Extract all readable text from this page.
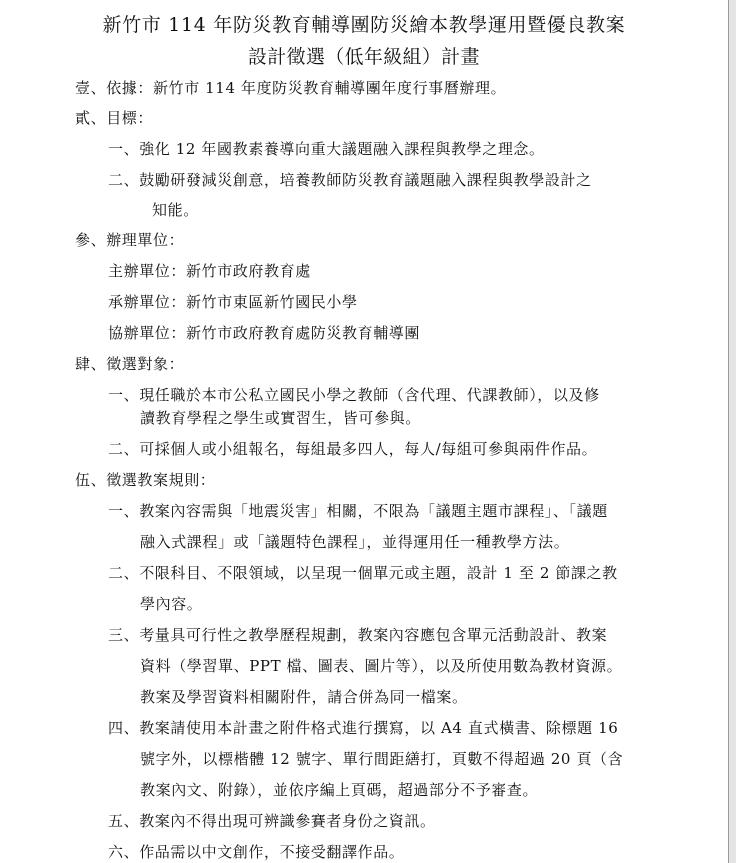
新竹市 114 年防災教育輔導團防災繪本教學運用暨優良教案
設計徵選（低年級組）計畫
壹、依據：新竹市 114 年度防災教育輔導團年度行事曆辦理。
貳、目標：
一、強化 12 年國教素養導向重大議題融入課程與教學之理念。
二、鼓勵研發減災創意，培養教師防災教育議題融入課程與教學設計之
知能。
參、辦理單位：
主辦單位：新竹市政府教育處
承辦單位：新竹市東區新竹國民小學
協辦單位：新竹市政府教育處防災教育輔導團
肆、徵選對象：
一、現任職於本市公私立國民小學之教師（含代理、代課教師），以及修
讀教育學程之學生或實習生，皆可參與。
二、可採個人或小組報名，每組最多四人，每人/每組可參與兩件作品。
伍、徵選教案規則：
一、教案內容需與「地震災害」相關，不限為「議題主題市課程」、「議題
融入式課程」或「議題特色課程」，並得運用任一種教學方法。
二、不限科目、不限領域，以呈現一個單元或主題，設計 1 至 2 節課之教
學內容。
三、考量具可行性之教學歷程規劃，教案內容應包含單元活動設計、教案
資料（學習單、PPT 檔、圖表、圖片等），以及所使用數為教材資源。
教案及學習資料相關附件，請合併為同一檔案。
四、教案請使用本計畫之附件格式進行撰寫，以 A4 直式橫書、除標題 16
號字外，以標楷體 12 號字、單行間距繕打，頁數不得超過 20 頁（含
教案內文、附錄），並依序編上頁碼，超過部分不予審查。
五、教案內不得出現可辨識參賽者身份之資訊。
六、作品需以中文創作，不接受翻譯作品。
